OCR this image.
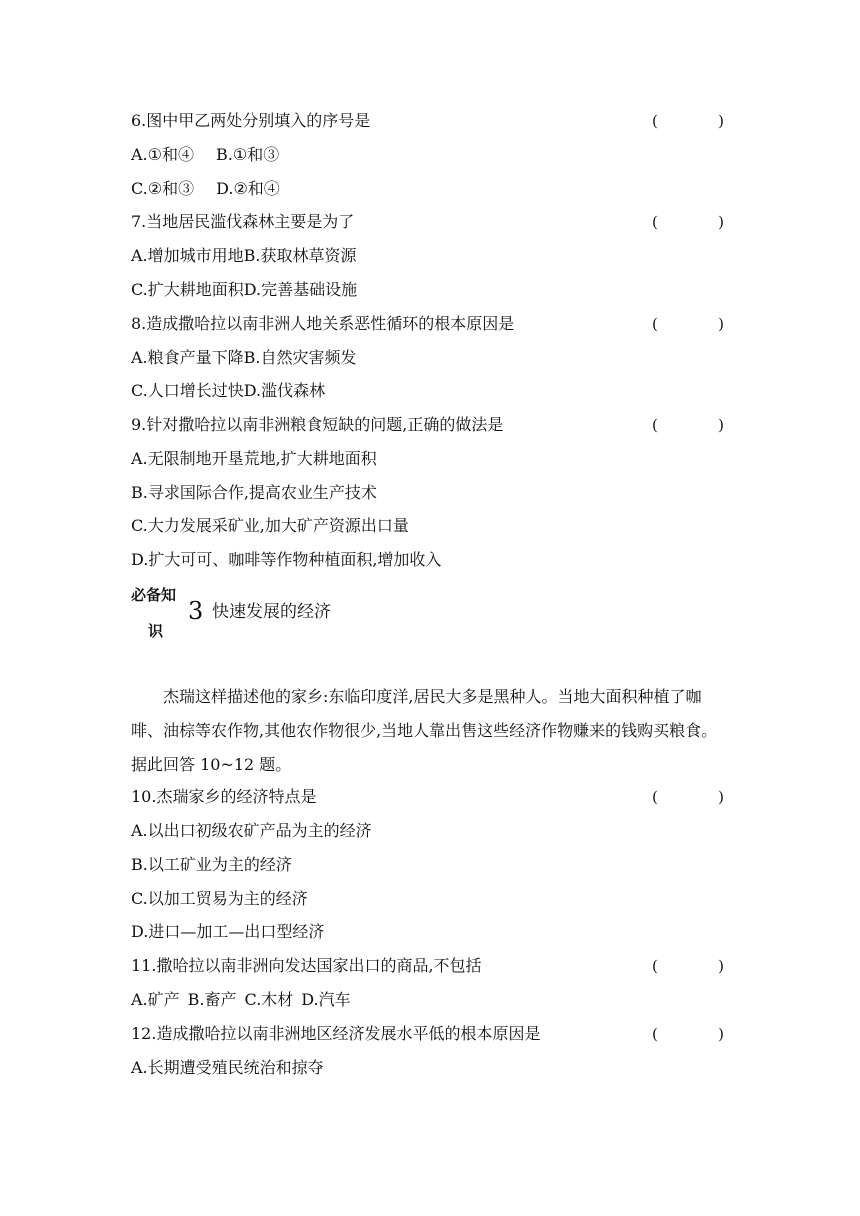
6.图中甲乙两处分别填入的序号是	(	)
A.①和④ B.①和③
C.②和③ D.②和④
7.当地居民滥伐森林主要是为了	(	)
A.增加城市用地B.获取林草资源
C.扩大耕地面积D.完善基础设施
8.造成撒哈拉以南非洲人地关系恶性循环的根本原因是	(	)
A.粮食产量下降B.自然灾害频发
C.人口增长过快D.滥伐森林
9.针对撒哈拉以南非洲粮食短缺的问题,正确的做法是	(	)
A.无限制地开垦荒地,扩大耕地面积
B.寻求国际合作,提高农业生产技术
C.大力发展采矿业,加大矿产资源出口量
D.扩大可可、咖啡等作物种植面积,增加收入
必备知
识
3 快速发展的经济
杰瑞这样描述他的家乡:东临印度洋,居民大多是黑种人。当地大面积种植了咖啡、油棕等农作物,其他农作物很少,当地人靠出售这些经济作物赚来的钱购买粮食。据此回答 10~12 题。
10.杰瑞家乡的经济特点是	(	)
A.以出口初级农矿产品为主的经济
B.以工矿业为主的经济
C.以加工贸易为主的经济
D.进口—加工—出口型经济
11.撒哈拉以南非洲向发达国家出口的商品,不包括	(	)
A.矿产 B.畜产 C.木材 D.汽车
12.造成撒哈拉以南非洲地区经济发展水平低的根本原因是	(	)
A.长期遭受殖民统治和掠夺
